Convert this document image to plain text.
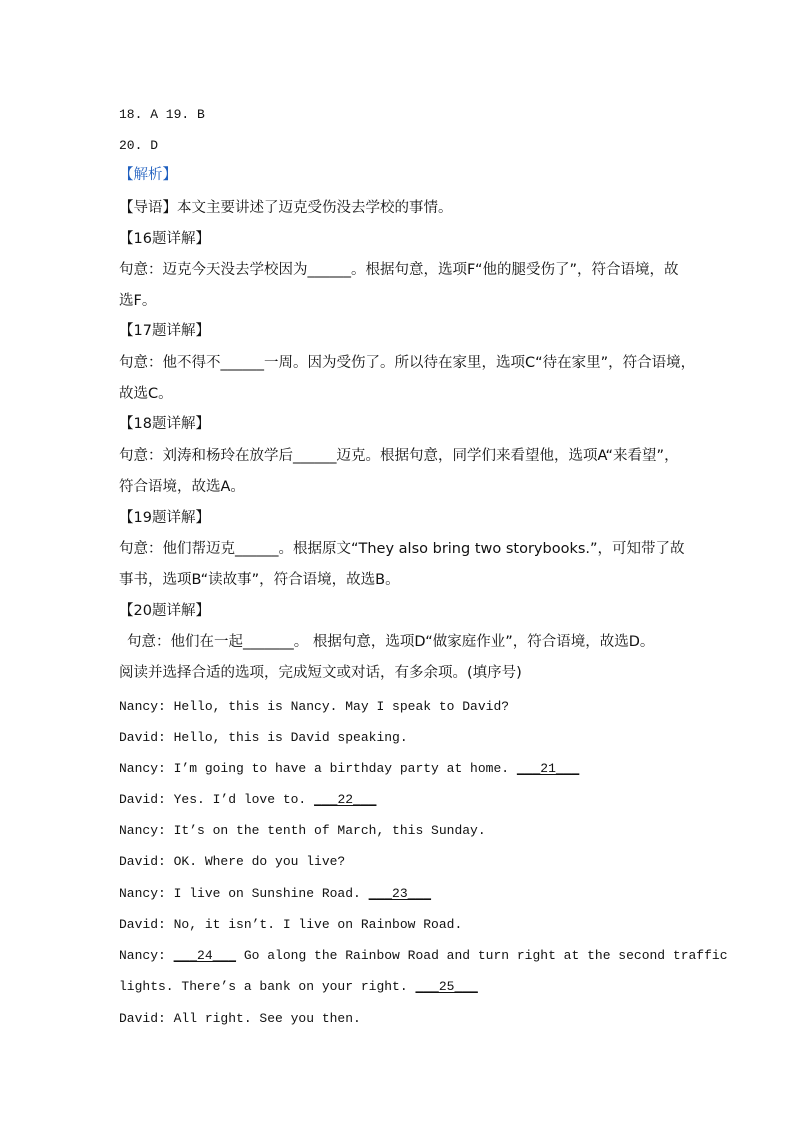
18. A 19. B
20. D
【解析】
【导语】本文主要讲述了迈克受伤没去学校的事情。
【16题详解】
句意：迈克今天没去学校因为______。根据句意，选项F“他的腿受伤了”，符合语境，故
选F。
【17题详解】
句意：他不得不______一周。因为受伤了。所以待在家里，选项C“待在家里”，符合语境，
故选C。
【18题详解】
句意：刘涛和杨玲在放学后______迈克。根据句意，同学们来看望他，选项A“来看望”，
符合语境，故选A。
【19题详解】
句意：他们帮迈克______。根据原文“They also bring two storybooks.”，可知带了故
事书，选项B“读故事”，符合语境，故选B。
【20题详解】
句意：他们在一起_______。 根据句意，选项D“做家庭作业”，符合语境，故选D。
阅读并选择合适的选项，完成短文或对话，有多余项。(填序号)
Nancy: Hello, this is Nancy. May I speak to David?
David: Hello, this is David speaking.
Nancy: I’m going to have a birthday party at home. ___21___
David: Yes. I’d love to. ___22___
Nancy: It’s on the tenth of March, this Sunday.
David: OK. Where do you live?
Nancy: I live on Sunshine Road. ___23___
David: No, it isn’t. I live on Rainbow Road.
Nancy: ___24___ Go along the Rainbow Road and turn right at the second traffic
lights. There’s a bank on your right. ___25___
David: All right. See you then.
